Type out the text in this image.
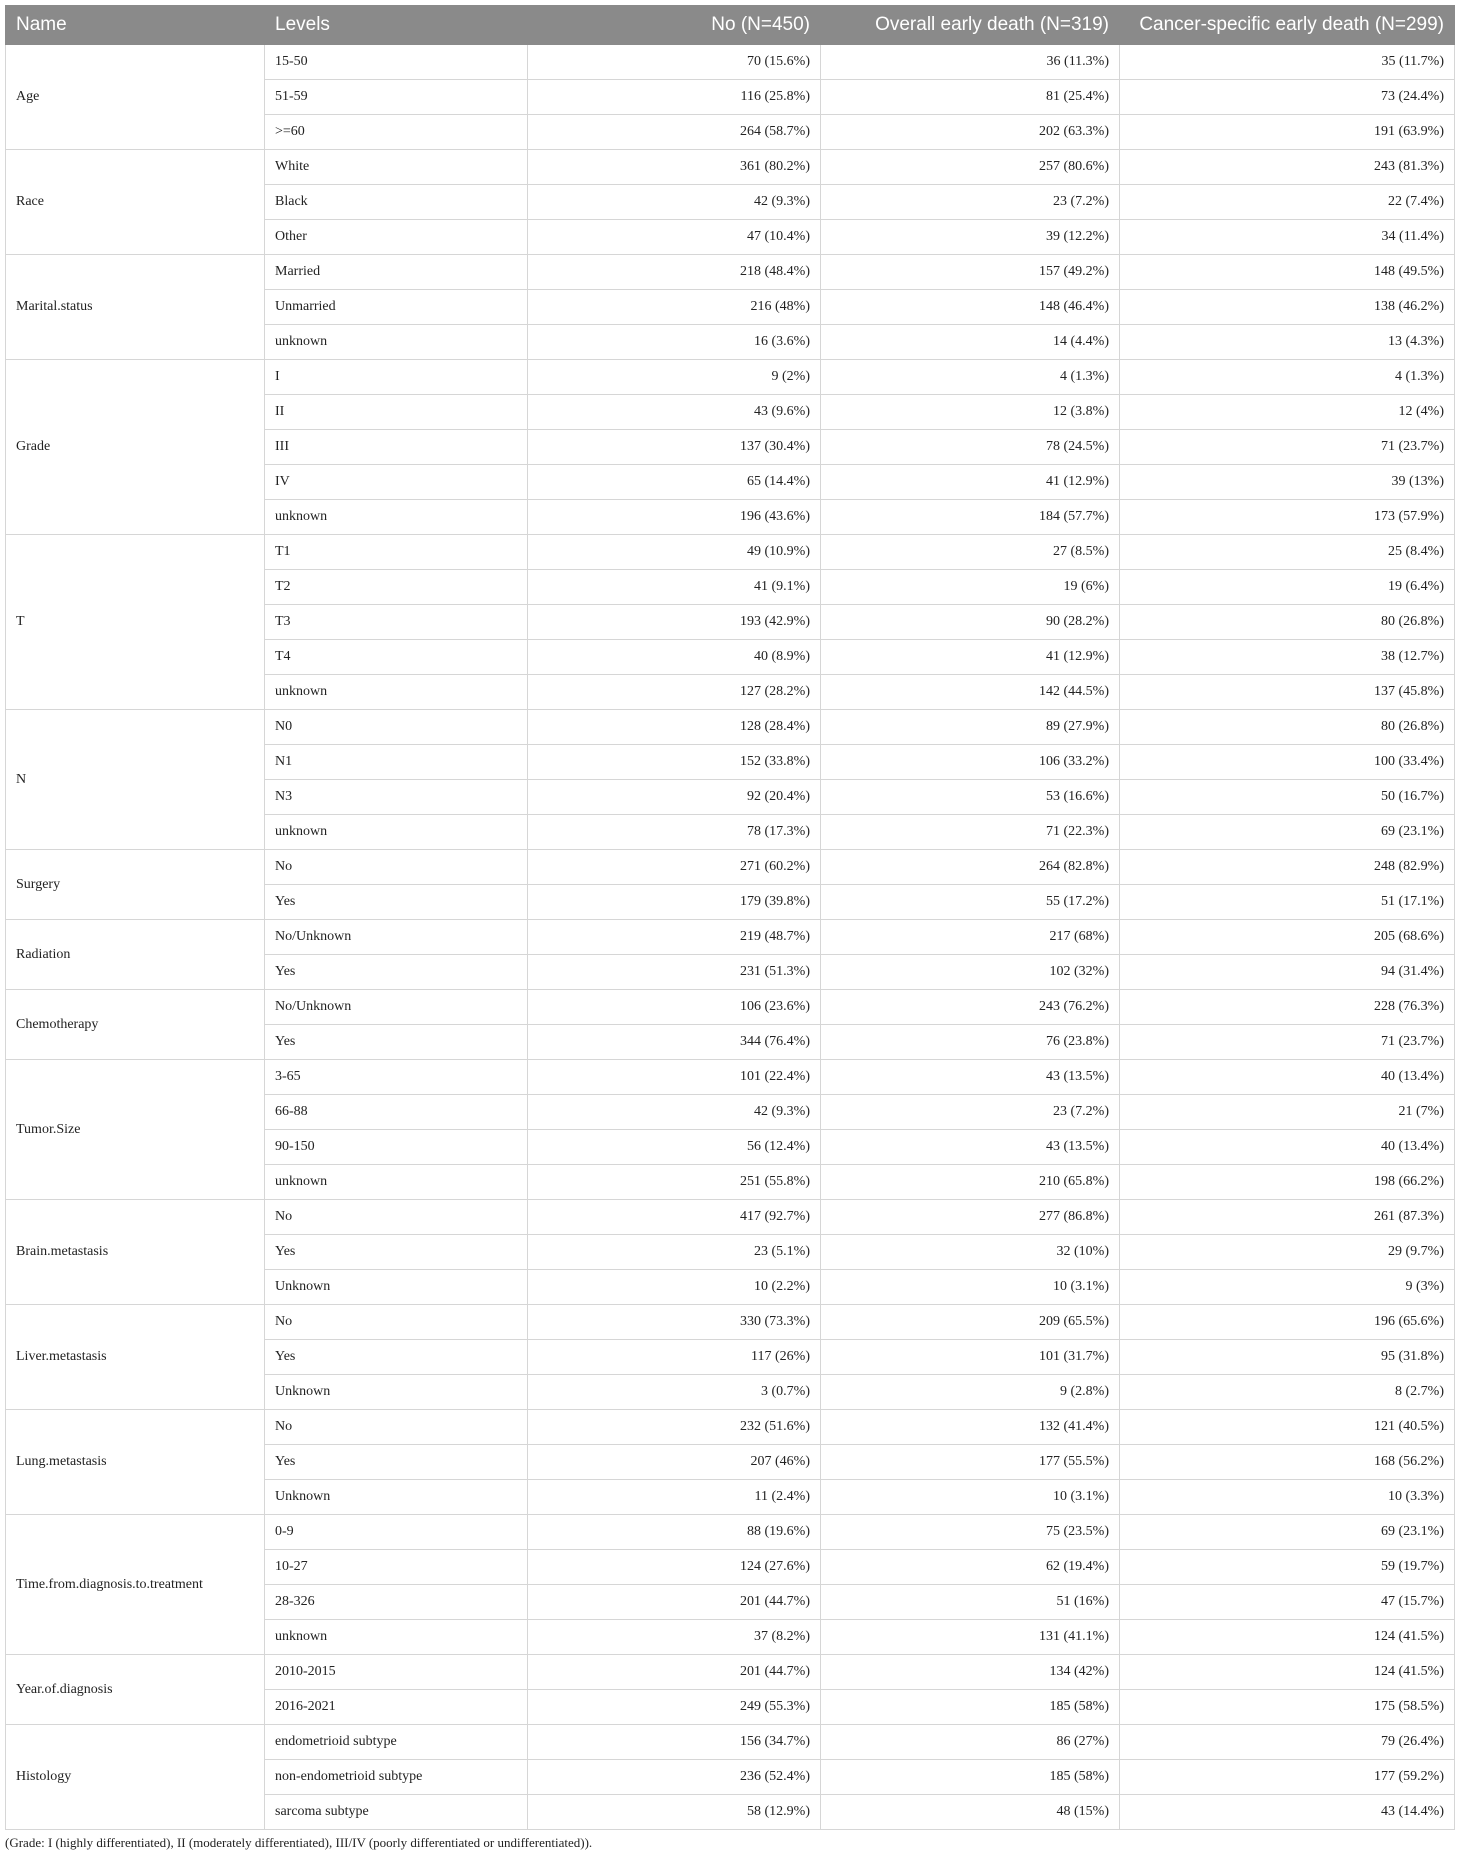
Name	Levels	No (N=450)	Overall early death (N=319)	Cancer-specific early death (N=299)
Age	15-50	70 (15.6%)	36 (11.3%)	35 (11.7%)
	51-59	116 (25.8%)	81 (25.4%)	73 (24.4%)
	>=60	264 (58.7%)	202 (63.3%)	191 (63.9%)
Race	White	361 (80.2%)	257 (80.6%)	243 (81.3%)
	Black	42 (9.3%)	23 (7.2%)	22 (7.4%)
	Other	47 (10.4%)	39 (12.2%)	34 (11.4%)
Marital.status	Married	218 (48.4%)	157 (49.2%)	148 (49.5%)
	Unmarried	216 (48%)	148 (46.4%)	138 (46.2%)
	unknown	16 (3.6%)	14 (4.4%)	13 (4.3%)
Grade	I	9 (2%)	4 (1.3%)	4 (1.3%)
	II	43 (9.6%)	12 (3.8%)	12 (4%)
	III	137 (30.4%)	78 (24.5%)	71 (23.7%)
	IV	65 (14.4%)	41 (12.9%)	39 (13%)
	unknown	196 (43.6%)	184 (57.7%)	173 (57.9%)
T	T1	49 (10.9%)	27 (8.5%)	25 (8.4%)
	T2	41 (9.1%)	19 (6%)	19 (6.4%)
	T3	193 (42.9%)	90 (28.2%)	80 (26.8%)
	T4	40 (8.9%)	41 (12.9%)	38 (12.7%)
	unknown	127 (28.2%)	142 (44.5%)	137 (45.8%)
N	N0	128 (28.4%)	89 (27.9%)	80 (26.8%)
	N1	152 (33.8%)	106 (33.2%)	100 (33.4%)
	N3	92 (20.4%)	53 (16.6%)	50 (16.7%)
	unknown	78 (17.3%)	71 (22.3%)	69 (23.1%)
Surgery	No	271 (60.2%)	264 (82.8%)	248 (82.9%)
	Yes	179 (39.8%)	55 (17.2%)	51 (17.1%)
Radiation	No/Unknown	219 (48.7%)	217 (68%)	205 (68.6%)
	Yes	231 (51.3%)	102 (32%)	94 (31.4%)
Chemotherapy	No/Unknown	106 (23.6%)	243 (76.2%)	228 (76.3%)
	Yes	344 (76.4%)	76 (23.8%)	71 (23.7%)
Tumor.Size	3-65	101 (22.4%)	43 (13.5%)	40 (13.4%)
	66-88	42 (9.3%)	23 (7.2%)	21 (7%)
	90-150	56 (12.4%)	43 (13.5%)	40 (13.4%)
	unknown	251 (55.8%)	210 (65.8%)	198 (66.2%)
Brain.metastasis	No	417 (92.7%)	277 (86.8%)	261 (87.3%)
	Yes	23 (5.1%)	32 (10%)	29 (9.7%)
	Unknown	10 (2.2%)	10 (3.1%)	9 (3%)
Liver.metastasis	No	330 (73.3%)	209 (65.5%)	196 (65.6%)
	Yes	117 (26%)	101 (31.7%)	95 (31.8%)
	Unknown	3 (0.7%)	9 (2.8%)	8 (2.7%)
Lung.metastasis	No	232 (51.6%)	132 (41.4%)	121 (40.5%)
	Yes	207 (46%)	177 (55.5%)	168 (56.2%)
	Unknown	11 (2.4%)	10 (3.1%)	10 (3.3%)
Time.from.diagnosis.to.treatment	0-9	88 (19.6%)	75 (23.5%)	69 (23.1%)
	10-27	124 (27.6%)	62 (19.4%)	59 (19.7%)
	28-326	201 (44.7%)	51 (16%)	47 (15.7%)
	unknown	37 (8.2%)	131 (41.1%)	124 (41.5%)
Year.of.diagnosis	2010-2015	201 (44.7%)	134 (42%)	124 (41.5%)
	2016-2021	249 (55.3%)	185 (58%)	175 (58.5%)
Histology	endometrioid subtype	156 (34.7%)	86 (27%)	79 (26.4%)
	non-endometrioid subtype	236 (52.4%)	185 (58%)	177 (59.2%)
	sarcoma subtype	58 (12.9%)	48 (15%)	43 (14.4%)
(Grade: I (highly differentiated), II (moderately differentiated), III/IV (poorly differentiated or undifferentiated)).
